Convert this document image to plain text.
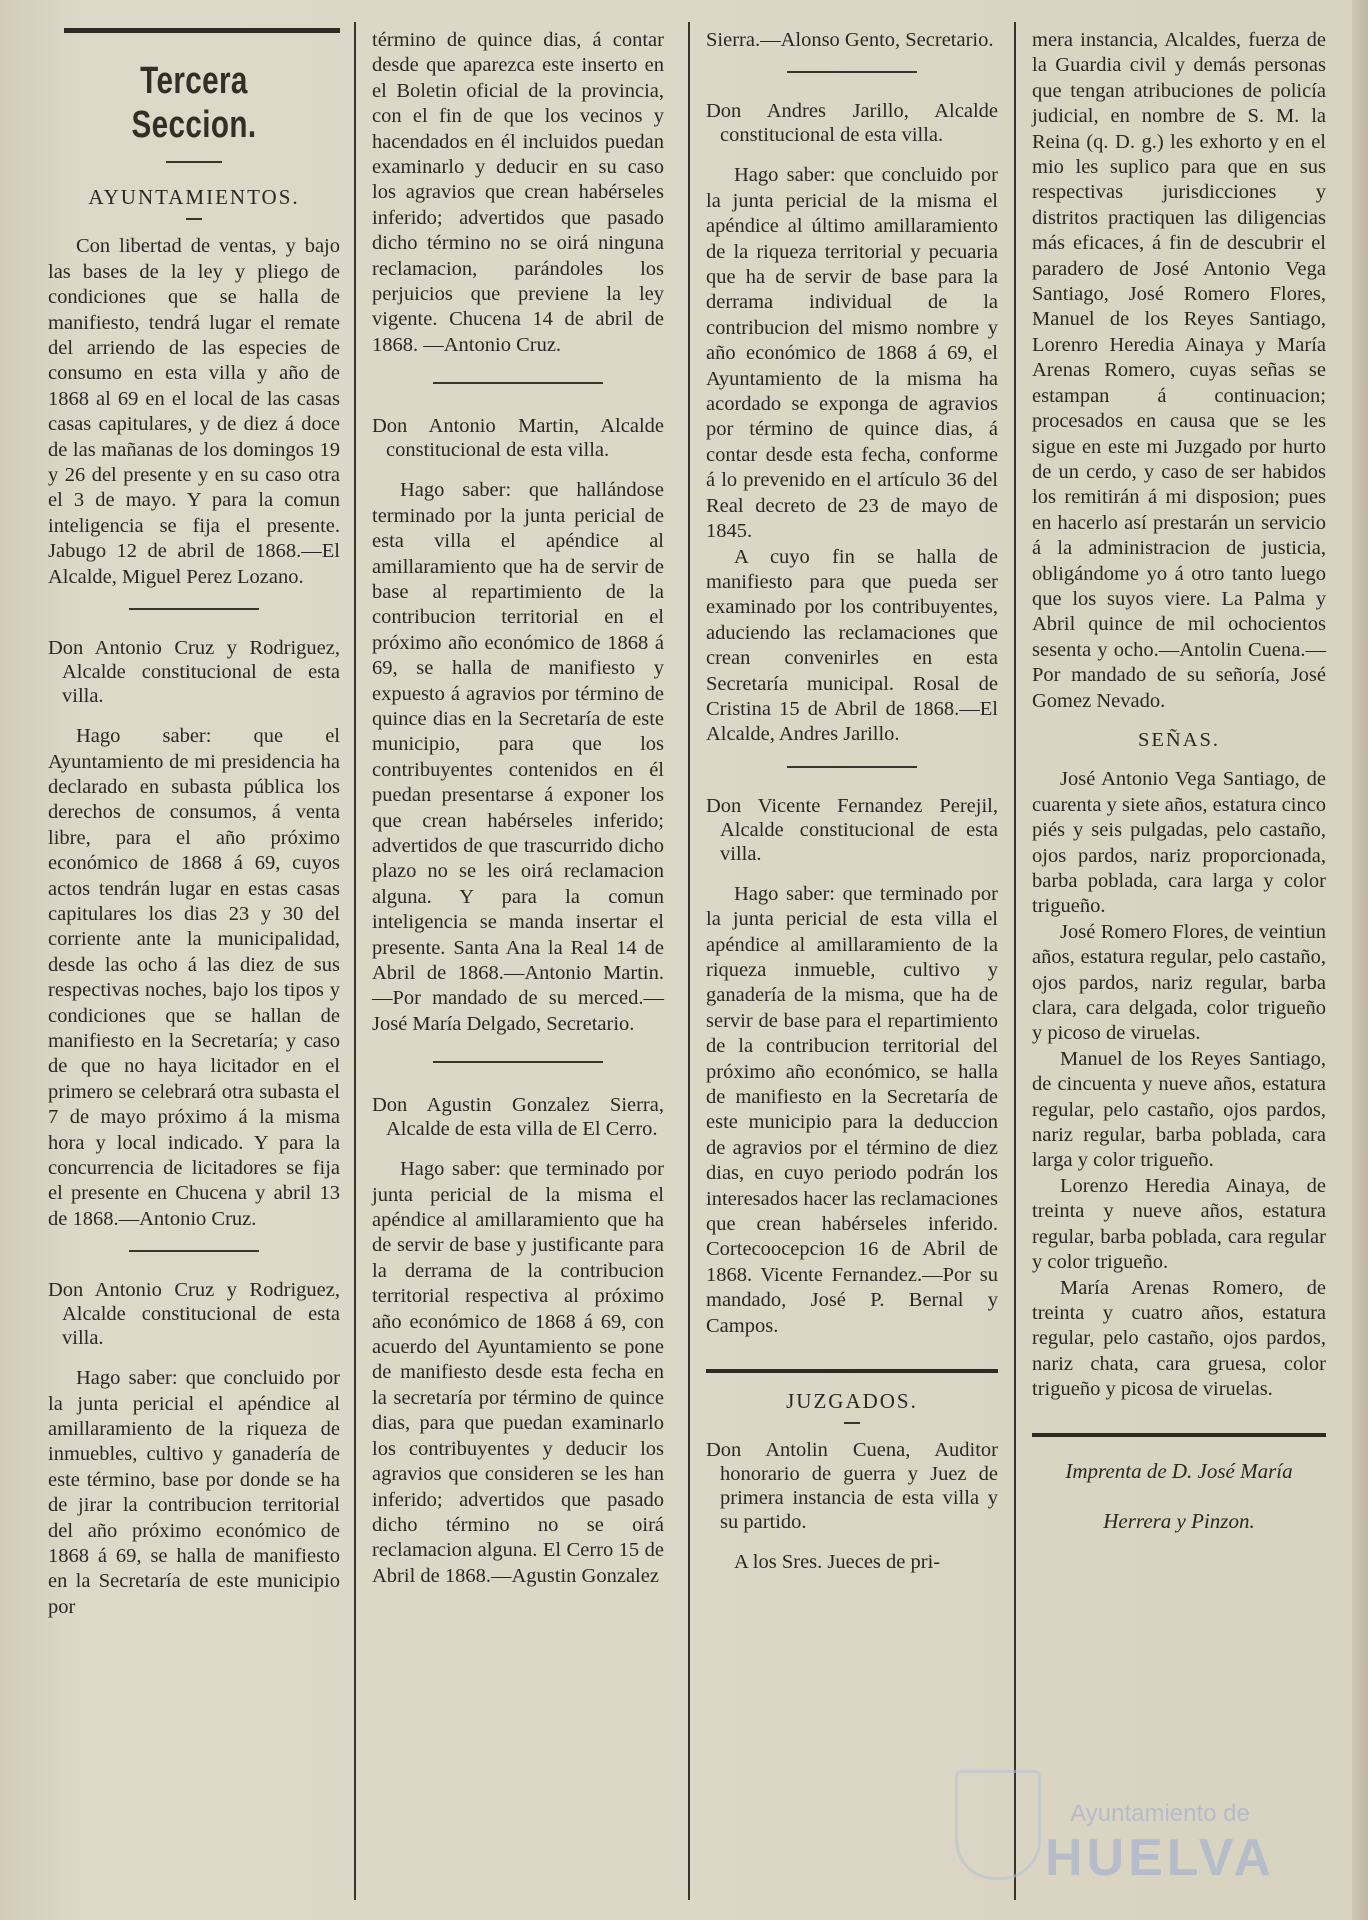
Tercera Seccion.
AYUNTAMIENTOS.

Con libertad de ventas, y bajo las bases de la ley y pliego de condiciones que se halla de manifiesto, tendrá lugar el remate del arriendo de las especies de consumo en esta villa y año de 1868 al 69 en el local de las casas casas capitulares, y de diez á doce de las mañanas de los domingos 19 y 26 del presente y en su caso otra el 3 de mayo. Y para la comun inteligencia se fija el presente. Jabugo 12 de abril de 1868.—El Alcalde, Miguel Perez Lozano.

Don Antonio Cruz y Rodriguez, Alcalde constitucional de esta villa.

Hago saber: que el Ayuntamiento de mi presidencia ha declarado en subasta pública los derechos de consumos, á venta libre, para el año próximo económico de 1868 á 69, cuyos actos tendrán lugar en estas casas capitulares los dias 23 y 30 del corriente ante la municipalidad, desde las ocho á las diez de sus respectivas noches, bajo los tipos y condiciones que se hallan de manifiesto en la Secretaría; y caso de que no haya licitador en el primero se celebrará otra subasta el 7 de mayo próximo á la misma hora y local indicado. Y para la concurrencia de licitadores se fija el presente en Chucena y abril 13 de 1868.—Antonio Cruz.

Don Antonio Cruz y Rodriguez, Alcalde constitucional de esta villa.

Hago saber: que concluido por la junta pericial el apéndice al amillaramiento de la riqueza de inmuebles, cultivo y ganadería de este término, base por donde se ha de jirar la contribucion territorial del año próximo económico de 1868 á 69, se halla de manifiesto en la Secretaría de este municipio por

término de quince dias, á contar desde que aparezca este inserto en el Boletin oficial de la provincia, con el fin de que los vecinos y hacendados en él incluidos puedan examinarlo y deducir en su caso los agravios que crean habérseles inferido; advertidos que pasado dicho término no se oirá ninguna reclamacion, parándoles los perjuicios que previene la ley vigente. Chucena 14 de abril de 1868. —Antonio Cruz.

Don Antonio Martin, Alcalde constitucional de esta villa.

Hago saber: que hallándose terminado por la junta pericial de esta villa el apéndice al amillaramiento que ha de servir de base al repartimiento de la contribucion territorial en el próximo año económico de 1868 á 69, se halla de manifiesto y expuesto á agravios por término de quince dias en la Secretaría de este municipio, para que los contribuyentes contenidos en él puedan presentarse á exponer los que crean habérseles inferido; advertidos de que trascurrido dicho plazo no se les oirá reclamacion alguna. Y para la comun inteligencia se manda insertar el presente. Santa Ana la Real 14 de Abril de 1868.—Antonio Martin.—Por mandado de su merced.—José María Delgado, Secretario.

Don Agustin Gonzalez Sierra, Alcalde de esta villa de El Cerro.

Hago saber: que terminado por junta pericial de la misma el apéndice al amillaramiento que ha de servir de base y justificante para la derrama de la contribucion territorial respectiva al próximo año económico de 1868 á 69, con acuerdo del Ayuntamiento se pone de manifiesto desde esta fecha en la secretaría por término de quince dias, para que puedan examinarlo los contribuyentes y deducir los agravios que consideren se les han inferido; advertidos que pasado dicho término no se oirá reclamacion alguna. El Cerro 15 de Abril de 1868.—Agustin Gonzalez

Sierra.—Alonso Gento, Secretario.

Don Andres Jarillo, Alcalde constitucional de esta villa.

Hago saber: que concluido por la junta pericial de la misma el apéndice al último amillaramiento de la riqueza territorial y pecuaria que ha de servir de base para la derrama individual de la contribucion del mismo nombre y año económico de 1868 á 69, el Ayuntamiento de la misma ha acordado se exponga de agravios por término de quince dias, á contar desde esta fecha, conforme á lo prevenido en el artículo 36 del Real decreto de 23 de mayo de 1845.

A cuyo fin se halla de manifiesto para que pueda ser examinado por los contribuyentes, aduciendo las reclamaciones que crean convenirles en esta Secretaría municipal. Rosal de Cristina 15 de Abril de 1868.—El Alcalde, Andres Jarillo.

Don Vicente Fernandez Perejil, Alcalde constitucional de esta villa.

Hago saber: que terminado por la junta pericial de esta villa el apéndice al amillaramiento de la riqueza inmueble, cultivo y ganadería de la misma, que ha de servir de base para el repartimiento de la contribucion territorial del próximo año económico, se halla de manifiesto en la Secretaría de este municipio para la deduccion de agravios por el término de diez dias, en cuyo periodo podrán los interesados hacer las reclamaciones que crean habérseles inferido. Cortecoocepcion 16 de Abril de 1868. Vicente Fernandez.—Por su mandado, José P. Bernal y Campos.

JUZGADOS.
Don Antolin Cuena, Auditor honorario de guerra y Juez de primera instancia de esta villa y su partido.

A los Sres. Jueces de pri-

mera instancia, Alcaldes, fuerza de la Guardia civil y demás personas que tengan atribuciones de policía judicial, en nombre de S. M. la Reina (q. D. g.) les exhorto y en el mio les suplico para que en sus respectivas jurisdicciones y distritos practiquen las diligencias más eficaces, á fin de descubrir el paradero de José Antonio Vega Santiago, José Romero Flores, Manuel de los Reyes Santiago, Lorenro Heredia Ainaya y María Arenas Romero, cuyas señas se estampan á continuacion; procesados en causa que se les sigue en este mi Juzgado por hurto de un cerdo, y caso de ser habidos los remitirán á mi disposion; pues en hacerlo así prestarán un servicio á la administracion de justicia, obligándome yo á otro tanto luego que los suyos viere. La Palma y Abril quince de mil ochocientos sesenta y ocho.—Antolin Cuena.—Por mandado de su señoría, José Gomez Nevado.

SEÑAS.

José Antonio Vega Santiago, de cuarenta y siete años, estatura cinco piés y seis pulgadas, pelo castaño, ojos pardos, nariz proporcionada, barba poblada, cara larga y color trigueño.

José Romero Flores, de veintiun años, estatura regular, pelo castaño, ojos pardos, nariz regular, barba clara, cara delgada, color trigueño y picoso de viruelas.

Manuel de los Reyes Santiago, de cincuenta y nueve años, estatura regular, pelo castaño, ojos pardos, nariz regular, barba poblada, cara larga y color trigueño.

Lorenzo Heredia Ainaya, de treinta y nueve años, estatura regular, barba poblada, cara regular y color trigueño.

María Arenas Romero, de treinta y cuatro años, estatura regular, pelo castaño, ojos pardos, nariz chata, cara gruesa, color trigueño y picosa de viruelas.

Imprenta de D. José María
Herrera y Pinzon.
Ayuntamiento de
HUELVA
